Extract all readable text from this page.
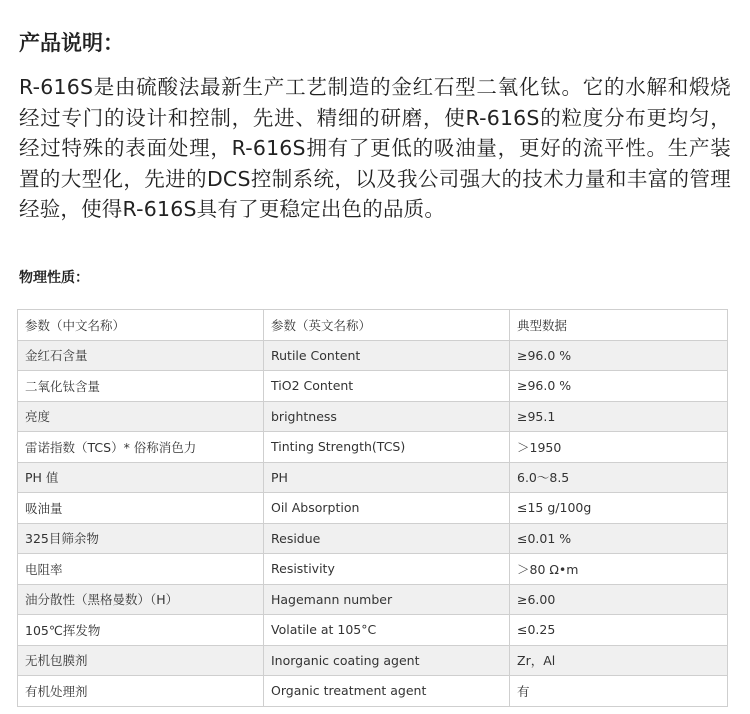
产品说明：

R-616S是由硫酸法最新生产工艺制造的金红石型二氧化钛。它的水解和煅烧经过专门的设计和控制，先进、精细的研磨，使R-616S的粒度分布更均匀，经过特殊的表面处理，R-616S拥有了更低的吸油量，更好的流平性。生产装置的大型化，先进的DCS控制系统，以及我公司强大的技术力量和丰富的管理经验，使得R-616S具有了更稳定出色的品质。

物理性质：
参数（中文名称）	参数（英文名称）	典型数据
金红石含量	Rutile Content	≥96.0 %
二氧化钛含量	TiO2 Content	≥96.0 %
亮度	brightness	≥95.1
雷诺指数（TCS）* 俗称消色力	Tinting Strength(TCS)	＞1950
PH 值	PH	6.0～8.5
吸油量	Oil Absorption	≤15 g/100g
325目筛余物	Residue	≤0.01 %
电阻率	Resistivity	＞80 Ω•m
油分散性（黑格曼数）（H）	Hagemann number	≥6.00
105℃挥发物	Volatile at 105°C	≤0.25
无机包膜剂	Inorganic coating agent	Zr，Al
有机处理剂	Organic treatment agent	有
